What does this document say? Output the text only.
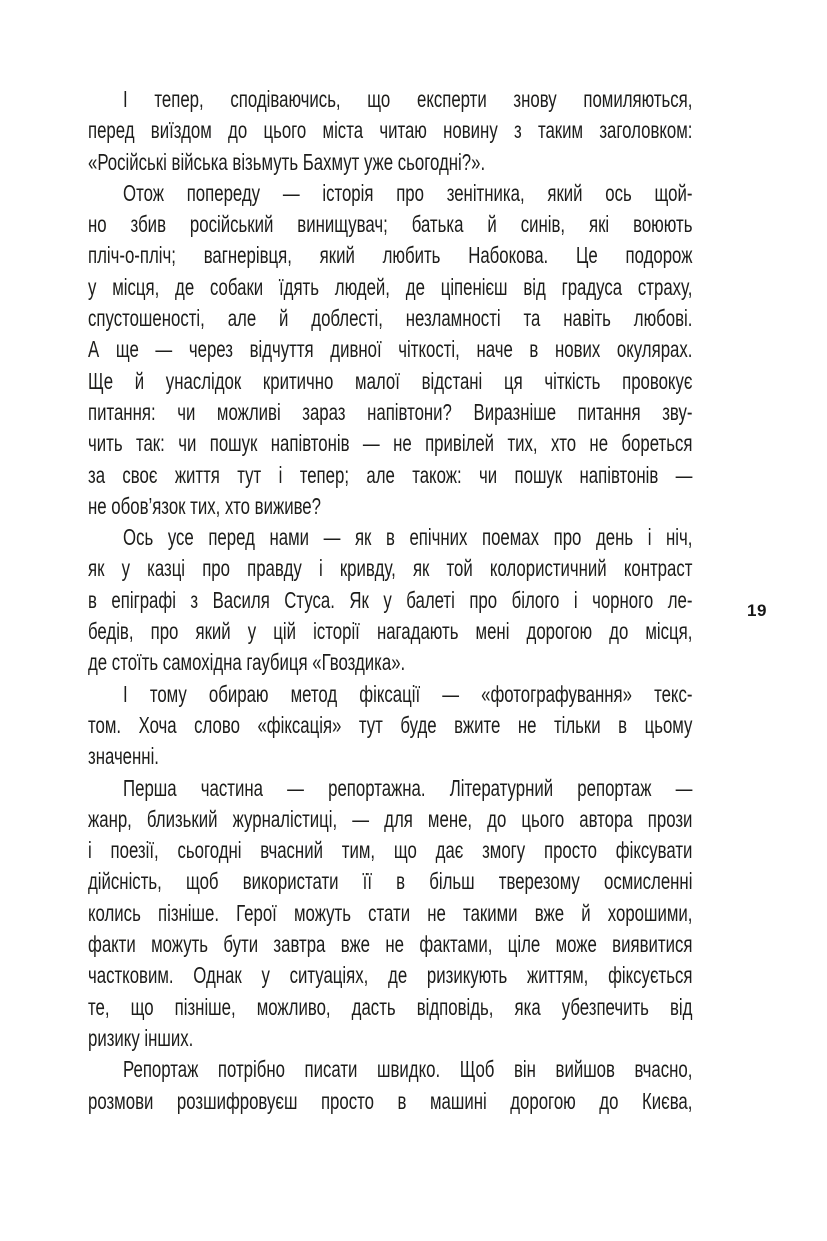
І тепер, сподіваючись, що експерти знову помиляються,
перед виїздом до цього міста читаю новину з таким заголовком:
«Російські війська візьмуть Бахмут уже сьогодні?».
Отож попереду — історія про зенітника, який ось щой-
но збив російський винищувач; батька й синів, які воюють
пліч-о-пліч; вагнерівця, який любить Набокова. Це подорож
у місця, де собаки їдять людей, де ціпенієш від градуса страху,
спустошеності, але й доблесті, незламності та навіть любові.
А ще — через відчуття дивної чіткості, наче в нових окулярах.
Ще й унаслідок критично малої відстані ця чіткість провокує
питання: чи можливі зараз напівтони? Виразніше питання зву-
чить так: чи пошук напівтонів — не привілей тих, хто не бореться
за своє життя тут і тепер; але також: чи пошук напівтонів —
не обов’язок тих, хто виживе?
Ось усе перед нами — як в епічних поемах про день і ніч,
як у казці про правду і кривду, як той колористичний контраст
в епіграфі з Василя Стуса. Як у балеті про білого і чорного ле-
бедів, про який у цій історії нагадають мені дорогою до місця,
де стоїть самохідна гаубиця «Гвоздика».
І тому обираю метод фіксації — «фотографування» текс-
том. Хоча слово «фіксація» тут буде вжите не тільки в цьому
значенні.
Перша частина — репортажна. Літературний репортаж —
жанр, близький журналістиці, — для мене, до цього автора прози
і поезії, сьогодні вчасний тим, що дає змогу просто фіксувати
дійсність, щоб використати її в більш тверезому осмисленні
колись пізніше. Герої можуть стати не такими вже й хорошими,
факти можуть бути завтра вже не фактами, ціле може виявитися
частковим. Однак у ситуаціях, де ризикують життям, фіксується
те, що пізніше, можливо, дасть відповідь, яка убезпечить від
ризику інших.
Репортаж потрібно писати швидко. Щоб він вийшов вчасно,
розмови розшифровуєш просто в машині дорогою до Києва,
19
